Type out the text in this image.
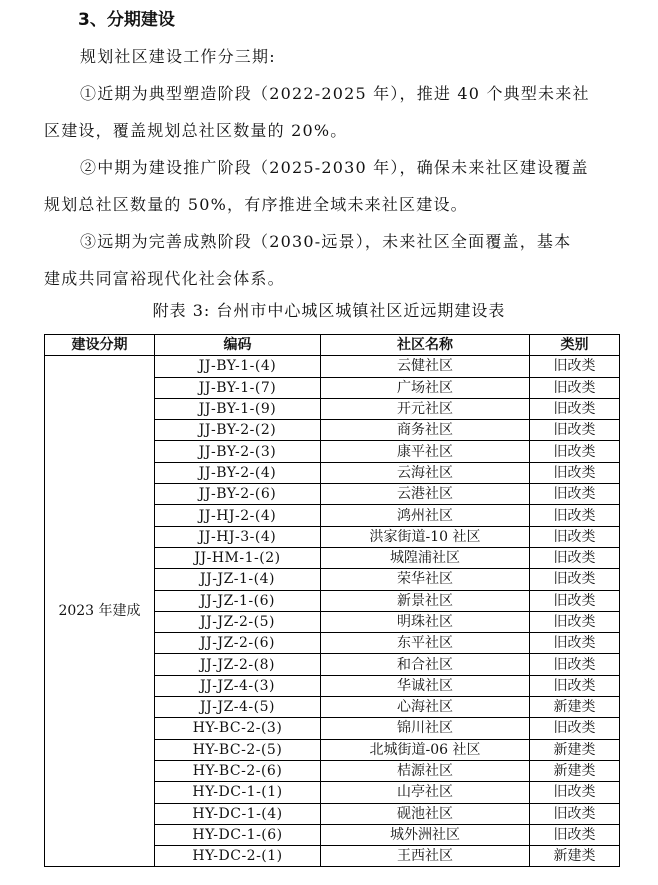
3、分期建设

规划社区建设工作分三期:

①近期为典型塑造阶段（2022-2025 年），推进 40 个典型未来社

区建设，覆盖规划总社区数量的 20%。

②中期为建设推广阶段（2025-2030 年），确保未来社区建设覆盖

规划总社区数量的 50%，有序推进全域未来社区建设。

③远期为完善成熟阶段（2030-远景），未来社区全面覆盖，基本

建成共同富裕现代化社会体系。

附表 3: 台州市中心城区城镇社区近远期建设表

建设分期	编码	社区名称	类别
2023 年建成	JJ-BY-1-(4)	云健社区	旧改类
	JJ-BY-1-(7)	广场社区	旧改类
	JJ-BY-1-(9)	开元社区	旧改类
	JJ-BY-2-(2)	商务社区	旧改类
	JJ-BY-2-(3)	康平社区	旧改类
	JJ-BY-2-(4)	云海社区	旧改类
	JJ-BY-2-(6)	云港社区	旧改类
	JJ-HJ-2-(4)	鸿州社区	旧改类
	JJ-HJ-3-(4)	洪家街道-10 社区	旧改类
	JJ-HM-1-(2)	城隍浦社区	旧改类
	JJ-JZ-1-(4)	荣华社区	旧改类
	JJ-JZ-1-(6)	新景社区	旧改类
	JJ-JZ-2-(5)	明珠社区	旧改类
	JJ-JZ-2-(6)	东平社区	旧改类
	JJ-JZ-2-(8)	和合社区	旧改类
	JJ-JZ-4-(3)	华诚社区	旧改类
	JJ-JZ-4-(5)	心海社区	新建类
	HY-BC-2-(3)	锦川社区	旧改类
	HY-BC-2-(5)	北城街道-06 社区	新建类
	HY-BC-2-(6)	桔源社区	新建类
	HY-DC-1-(1)	山亭社区	旧改类
	HY-DC-1-(4)	砚池社区	旧改类
	HY-DC-1-(6)	城外洲社区	旧改类
	HY-DC-2-(1)	王西社区	新建类
